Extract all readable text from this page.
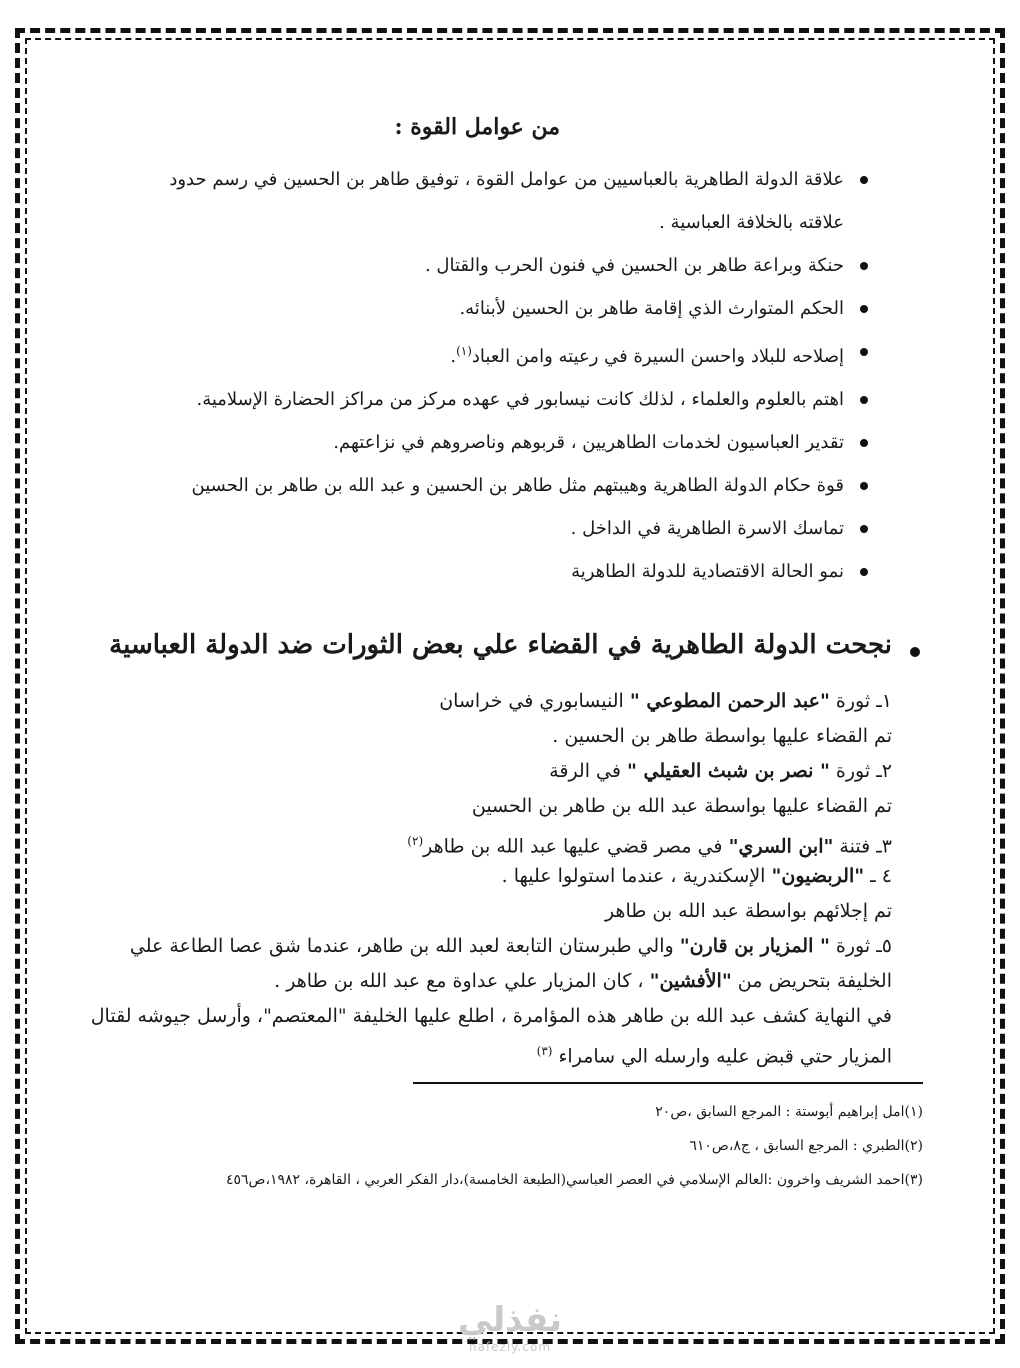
من عوامل القوة :
علاقة الدولة الطاهرية بالعباسيين من عوامل القوة ، توفيق طاهر بن الحسين في رسم حدود
علاقته بالخلافة العباسية .
حنكة وبراعة طاهر بن الحسين في فنون الحرب والقتال .
الحكم المتوارث الذي إقامة طاهر بن الحسين لأبنائه.
إصلاحه للبلاد واحسن السيرة في رعيته وامن العباد$^{(١)}$.
اهتم بالعلوم والعلماء ، لذلك كانت نيسابور في عهده مركز من مراكز الحضارة الإسلامية.
تقدير العباسيون لخدمات الطاهريين ، قربوهم وناصروهم في نزاعتهم.
قوة حكام الدولة الطاهرية وهيبتهم مثل طاهر بن الحسين و عبد الله بن طاهر بن الحسين
تماسك الاسرة الطاهرية في الداخل .
نمو الحالة الاقتصادية للدولة الطاهرية
نجحت الدولة الطاهرية في القضاء علي بعض الثورات ضد الدولة العباسية
١ـ ثورة "عبد الرحمن المطوعي " النيسابوري في خراسان
تم القضاء عليها بواسطة طاهر بن الحسين .
٢ـ ثورة " نصر بن شبث العقيلي " في الرقة
تم القضاء عليها بواسطة عبد الله بن طاهر بن الحسين
٣ـ فتنة "ابن السري" في مصر قضي عليها عبد الله بن طاهر$^{(٢)}$
٤ ـ "الربضيون" الإسكندرية ، عندما استولوا عليها .
تم إجلائهم بواسطة عبد الله بن طاهر
٥ـ ثورة " المزيار بن قارن" والي طبرستان التابعة لعبد الله بن طاهر، عندما شق عصا الطاعة علي
الخليفة بتحريض من "الأفشين" ، كان المزيار علي عداوة مع عبد الله بن طاهر .
في النهاية كشف عبد الله بن طاهر هذه المؤامرة ، اطلع عليها الخليفة "المعتصم"، وأرسل جيوشه لقتال
المزيار حتي قبض عليه وارسله الي سامراء $^{(٣)}$
(١)امل إبراهيم أبوستة : المرجع السابق ،ص٢٠
(٢)الطبري : المرجع السابق ، ج٨،ص٦١٠
(٣)احمد الشريف واخرون :العالم الإسلامي في العصر العباسي(الطبعة الخامسة)،دار الفكر العربي ، القاهرة، ١٩٨٢،ص٤٥٦
نفذلي
nafezly.com
